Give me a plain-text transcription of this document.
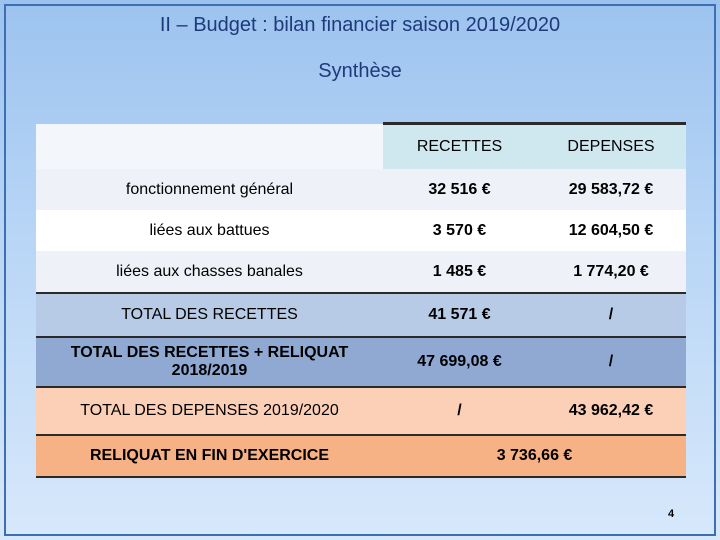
II – Budget : bilan financier saison 2019/2020
Synthèse
	RECETTES	DEPENSES
fonctionnement général	32 516 €	29 583,72 €
liées aux battues	3 570 €	12 604,50 €
liées aux chasses banales	1 485 €	1 774,20 €
TOTAL DES RECETTES	41 571 €	/
TOTAL DES RECETTES + RELIQUAT 2018/2019	47 699,08 €	/
TOTAL DES DEPENSES 2019/2020	/	43 962,42 €
RELIQUAT EN FIN D'EXERCICE	3 736,66 €	
4
